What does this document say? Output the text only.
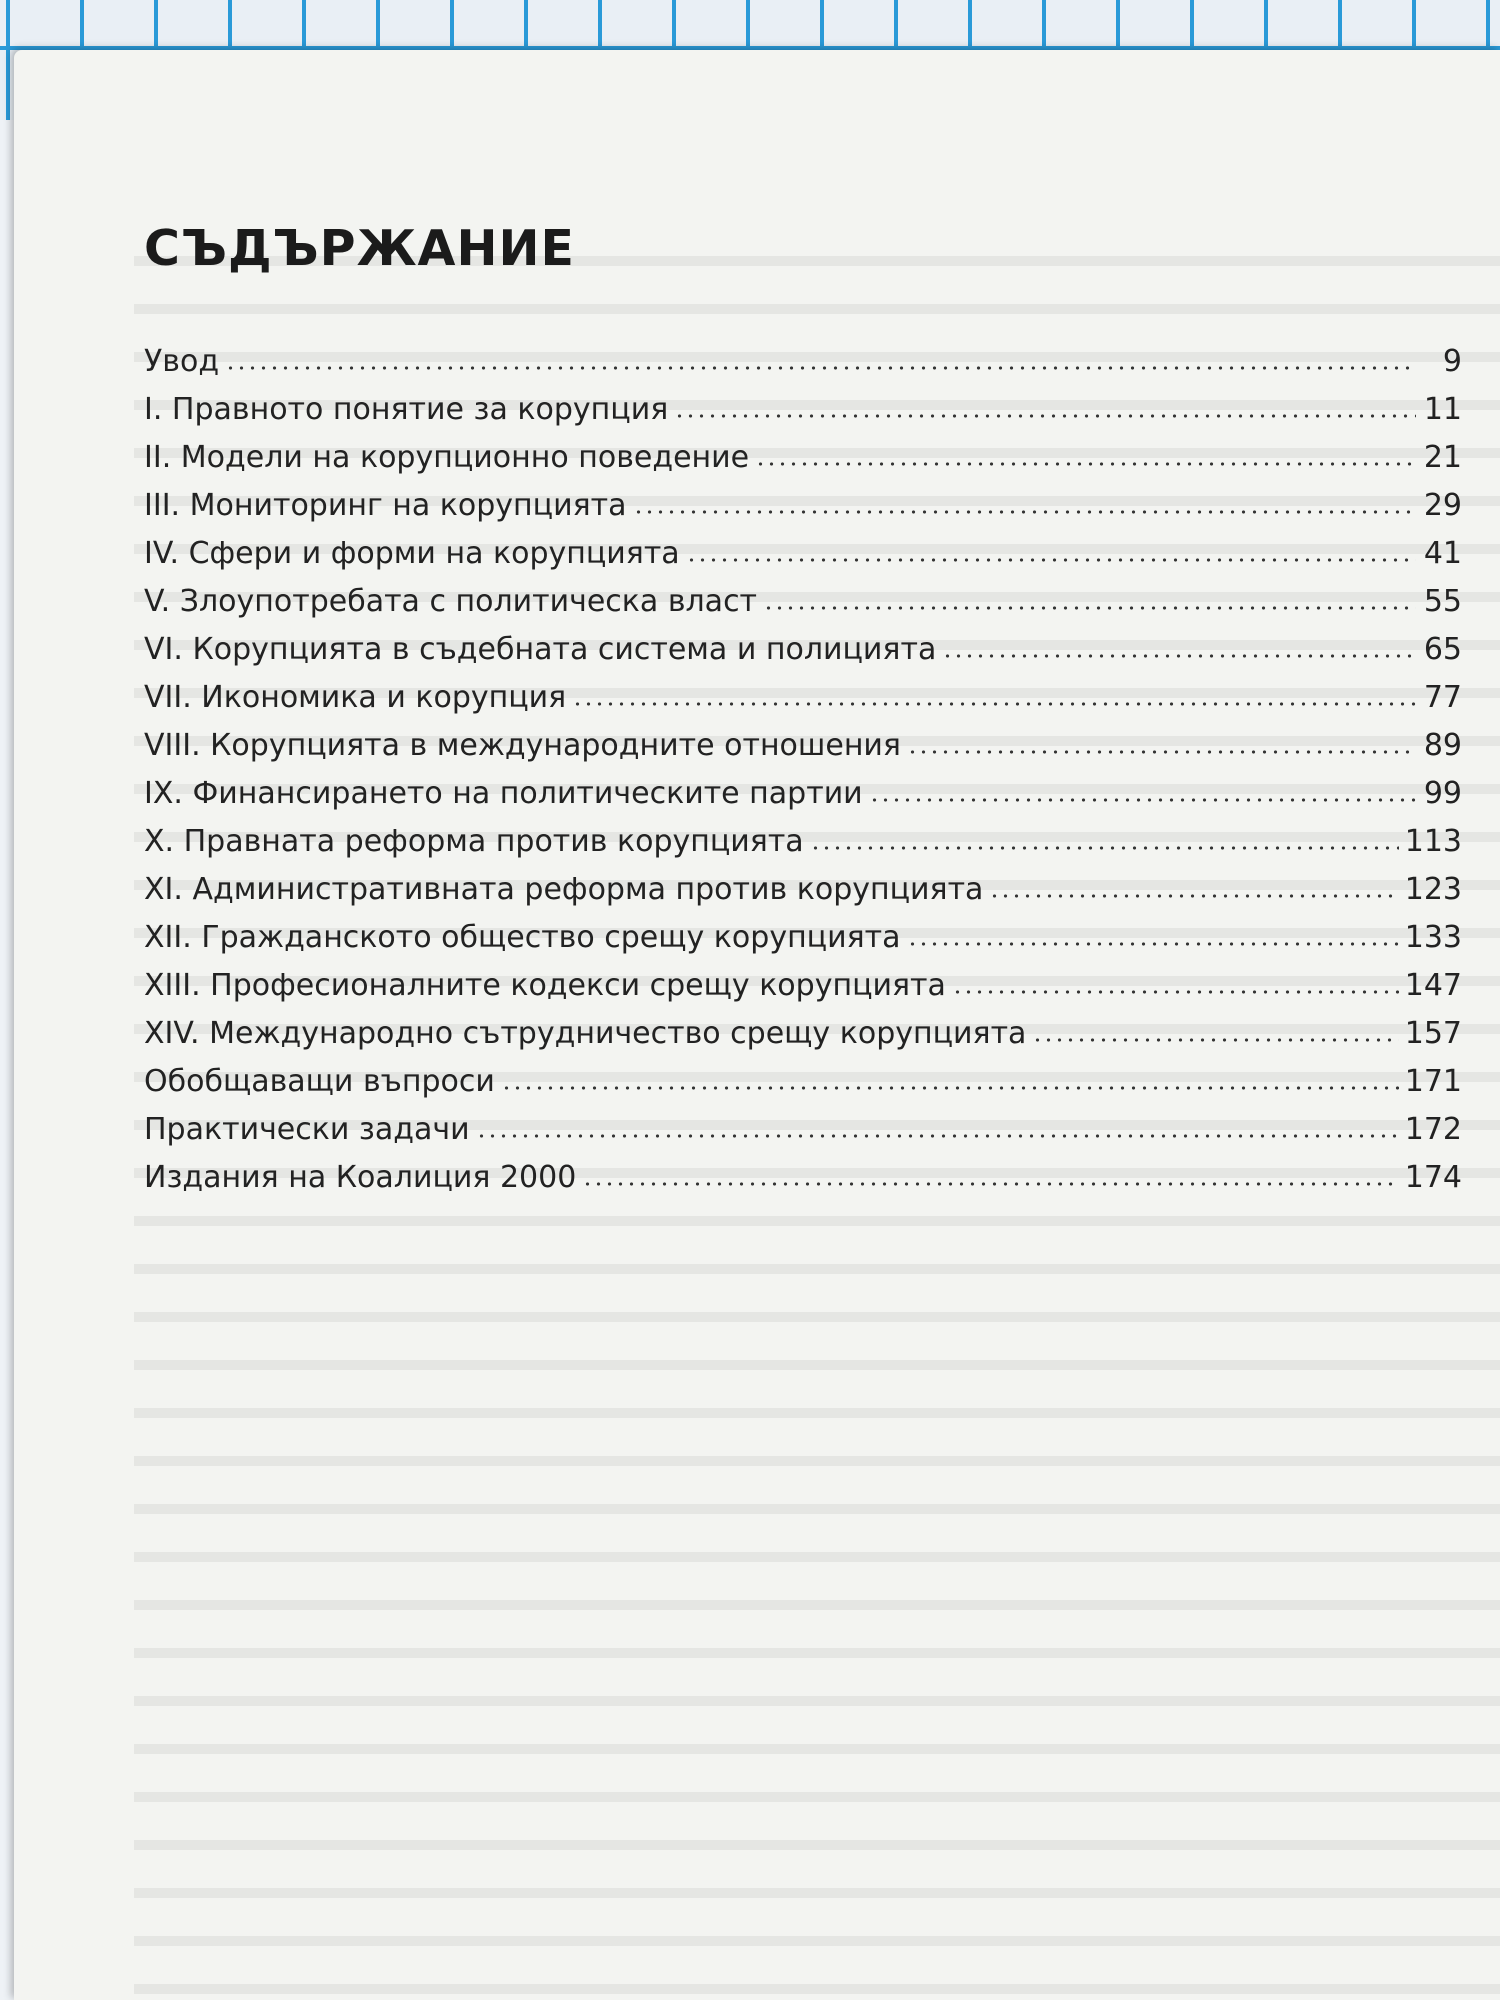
СЪДЪРЖАНИЕ
Увод	9
I. Правното понятие за корупция	11
II. Модели на корупционно поведение	21
III. Мониторинг на корупцията	29
IV. Сфери и форми на корупцията	41
V. Злоупотребата с политическа власт	55
VI. Корупцията в съдебната система и полицията	65
VII. Икономика и корупция	77
VIII. Корупцията в международните отношения	89
IX. Финансирането на политическите партии	99
X. Правната реформа против корупцията	113
XI. Административната реформа против корупцията	123
XII. Гражданското общество срещу корупцията	133
XIII. Професионалните кодекси срещу корупцията	147
XIV. Международно сътрудничество срещу корупцията	157
Обобщаващи въпроси	171
Практически задачи	172
Издания на Коалиция 2000	174
